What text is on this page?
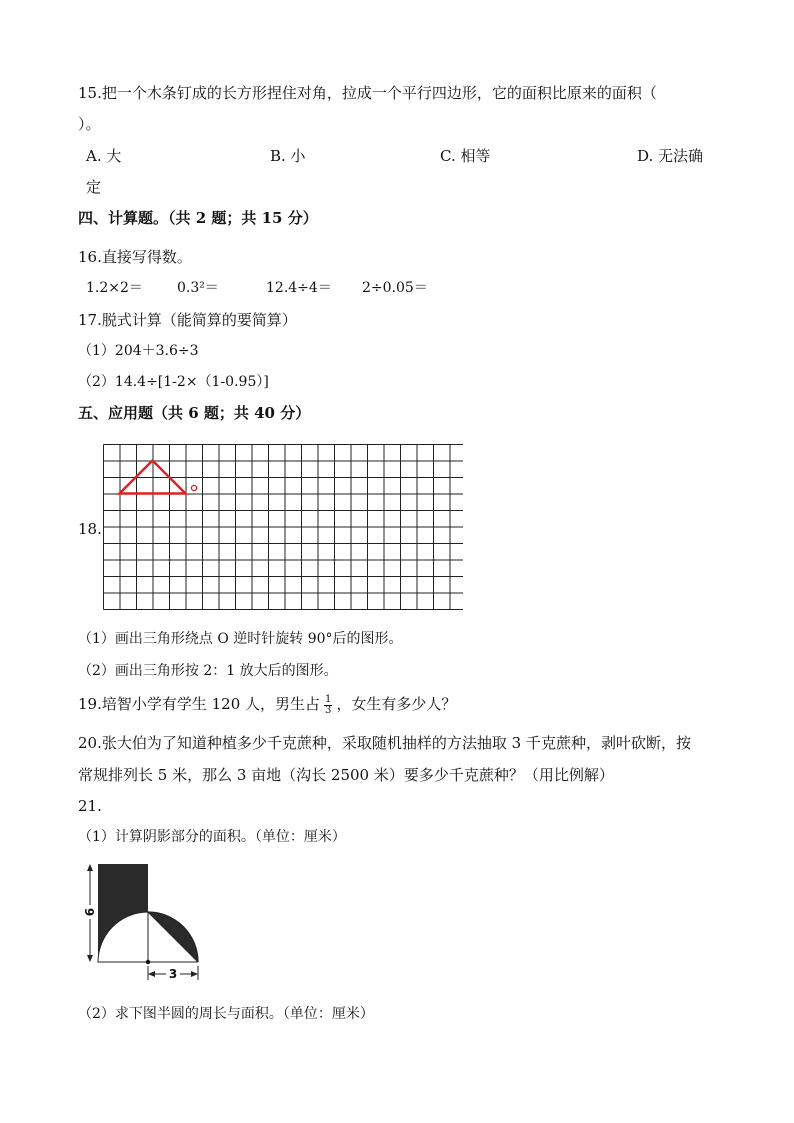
15.把一个木条钉成的长方形捏住对角，拉成一个平行四边形，它的面积比原来的面积（
）。
A. 大	B. 小	C. 相等	D. 无法确
定
四、计算题。（共 2 题；共 15 分）
16.直接写得数。
1.2×2＝ 0.3²＝	12.4÷4＝ 2÷0.05＝
17.脱式计算（能简算的要简算）
（1）204＋3.6÷3
（2）14.4÷[1-2×（1-0.95）]
五、应用题（共 6 题；共 40 分）
18.
（1）画出三角形绕点 O 逆时针旋转 90°后的图形。
（2）画出三角形按 2：1 放大后的图形。
19.培智小学有学生 120 人，男生占 $\frac{1}{3}$ ，女生有多少人？
20.张大伯为了知道种植多少千克蔗种，采取随机抽样的方法抽取 3 千克蔗种，剥叶砍断，按
常规排列长 5 米，那么 3 亩地（沟长 2500 米）要多少千克蔗种？（用比例解）
21.
（1）计算阴影部分的面积。（单位：厘米）
6
3
（2）求下图半圆的周长与面积。（单位：厘米）
